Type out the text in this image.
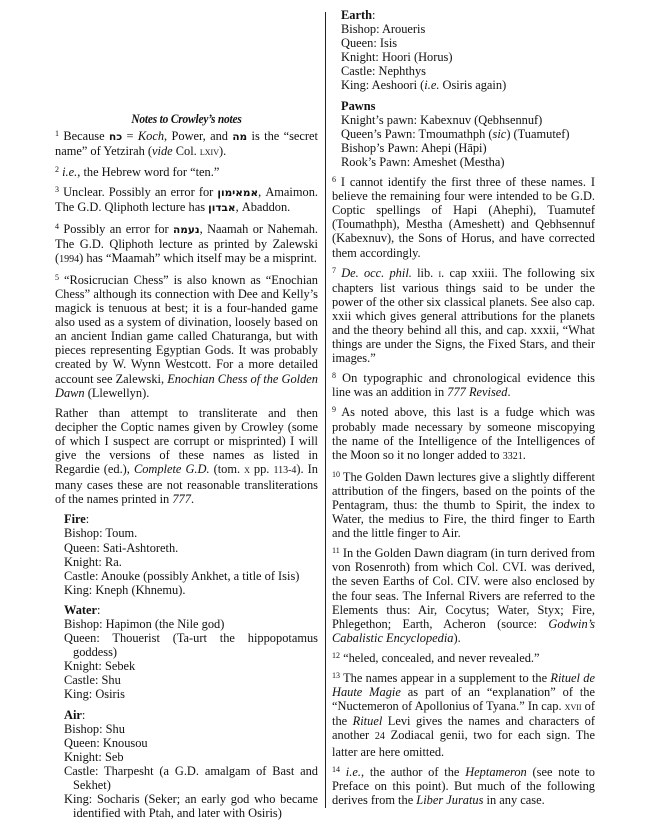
Notes to Crowley’s notes

$^1$ Because כח = Koch, Power, and מה is the “secret name” of Yetzirah (vide Col. lxiv).

$^2$ i.e., the Hebrew word for “ten.”

$^3$ Unclear. Possibly an error for אמאימון, Amaimon. The G.D. Qliphoth lecture has אבדון, Abaddon.

$^4$ Possibly an error for נעמה, Naamah or Nahemah. The G.D. Qliphoth lecture as printed by Zalewski (1994) has “Maamah” which itself may be a misprint.

$^5$ “Rosicrucian Chess” is also known as “Enochian Chess” although its connection with Dee and Kelly’s magick is tenuous at best; it is a four-handed game also used as a system of divination, loosely based on an ancient Indian game called Chaturanga, but with pieces representing Egyptian Gods. It was probably created by W. Wynn Westcott. For a more detailed account see Zalewski, Enochian Chess of the Golden Dawn (Llewellyn).

Rather than attempt to transliterate and then decipher the Coptic names given by Crowley (some of which I suspect are corrupt or misprinted) I will give the versions of these names as listed in Regardie (ed.), Complete G.D. (tom. x pp. 113-4). In many cases these are not reasonable transliterations of the names printed in 777.

Fire:
Bishop: Toum.
Queen: Sati-Ashtoreth.
Knight: Ra.
Castle: Anouke (possibly Ankhet, a title of Isis)
King: Kneph (Khnemu).
Water:
Bishop: Hapimon (the Nile god)
Queen: Thouerist (Ta-urt the hippopotamus goddess)
Knight: Sebek
Castle: Shu
King: Osiris
Air:
Bishop: Shu
Queen: Knousou
Knight: Seb
Castle: Tharpesht (a G.D. amalgam of Bast and Sekhet)
King: Socharis (Seker; an early god who became identified with Ptah, and later with Osiris)
Earth:
Bishop: Aroueris
Queen: Isis
Knight: Hoori (Horus)
Castle: Nephthys
King: Aeshoori (i.e. Osiris again)
Pawns
Knight’s pawn: Kabexnuv (Qebhsennuf)
Queen’s Pawn: Tmoumathph (sic) (Tuamutef)
Bishop’s Pawn: Ahepi (Hāpi)
Rook’s Pawn: Ameshet (Mestha)

$^6$ I cannot identify the first three of these names. I believe the remaining four were intended to be G.D. Coptic spellings of Hapi (Ahephi), Tuamutef (Toumathph), Mestha (Ameshett) and Qebhsennuf (Kabexnuv), the Sons of Horus, and have corrected them accordingly.

$^7$ De. occ. phil. lib. i. cap xxiii. The following six chapters list various things said to be under the power of the other six classical planets. See also cap. xxii which gives general attributions for the planets and the theory behind all this, and cap. xxxii, “What things are under the Signs, the Fixed Stars, and their images.”

$^8$ On typographic and chronological evidence this line was an addition in 777 Revised.

$^9$ As noted above, this last is a fudge which was probably made necessary by someone miscopying the name of the Intelligence of the Intelligences of the Moon so it no longer added to 3321.

$^{10}$ The Golden Dawn lectures give a slightly different attribution of the fingers, based on the points of the Pentagram, thus: the thumb to Spirit, the index to Water, the medius to Fire, the third finger to Earth and the little finger to Air.

$^{11}$ In the Golden Dawn diagram (in turn derived from von Rosenroth) from which Col. CVI. was derived, the seven Earths of Col. CIV. were also enclosed by the four seas. The Infernal Rivers are referred to the Elements thus: Air, Cocytus; Water, Styx; Fire, Phlegethon; Earth, Acheron (source: Godwin’s Cabalistic Encyclopedia).

$^{12}$ “heled, concealed, and never revealed.”

$^{13}$ The names appear in a supplement to the Rituel de Haute Magie as part of an “explanation” of the “Nuctemeron of Apollonius of Tyana.” In cap. xvii of the Rituel Levi gives the names and characters of another 24 Zodiacal genii, two for each sign. The latter are here omitted.

$^{14}$ i.e., the author of the Heptameron (see note to Preface on this point). But much of the following derives from the Liber Juratus in any case.
